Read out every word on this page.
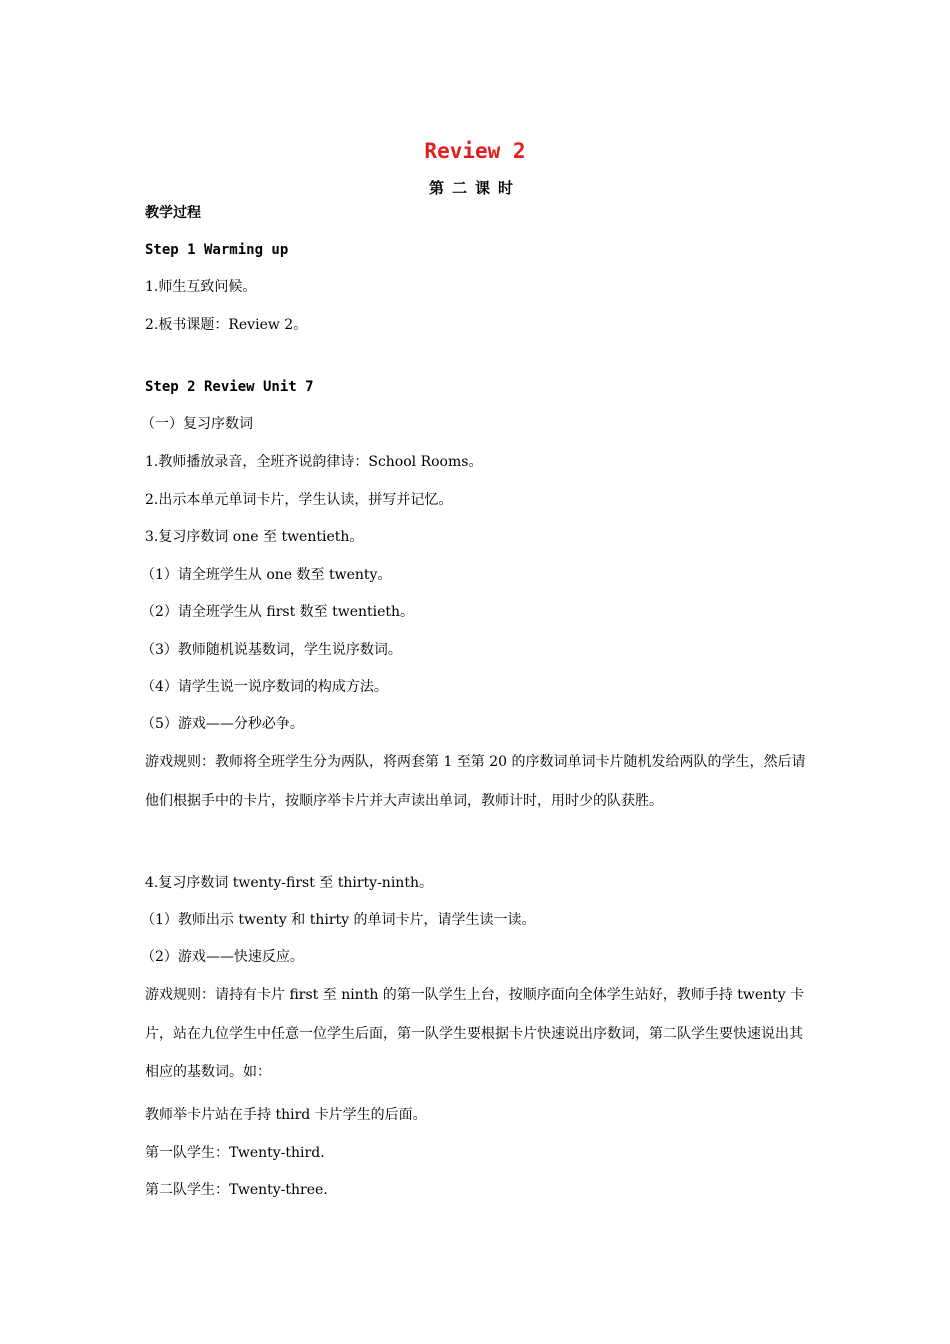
Review 2
第二课时
教学过程
Step 1 Warming up
1.师生互致问候。
2.板书课题：Review 2。
Step 2 Review Unit 7
（一）复习序数词
1.教师播放录音，全班齐说韵律诗：School Rooms。
2.出示本单元单词卡片，学生认读，拼写并记忆。
3.复习序数词 one 至 twentieth。
（1）请全班学生从 one 数至 twenty。
（2）请全班学生从 first 数至 twentieth。
（3）教师随机说基数词，学生说序数词。
（4）请学生说一说序数词的构成方法。
（5）游戏——分秒必争。
游戏规则：教师将全班学生分为两队，将两套第 1 至第 20 的序数词单词卡片随机发给两队的学生，然后请他们根据手中的卡片，按顺序举卡片并大声读出单词，教师计时，用时少的队获胜。
4.复习序数词 twenty-first 至 thirty-ninth。
（1）教师出示 twenty 和 thirty 的单词卡片，请学生读一读。
（2）游戏——快速反应。
游戏规则：请持有卡片 first 至 ninth 的第一队学生上台，按顺序面向全体学生站好，教师手持 twenty 卡片，站在九位学生中任意一位学生后面，第一队学生要根据卡片快速说出序数词，第二队学生要快速说出其相应的基数词。如：
教师举卡片站在手持 third 卡片学生的后面。
第一队学生：Twenty-third.
第二队学生：Twenty-three.
